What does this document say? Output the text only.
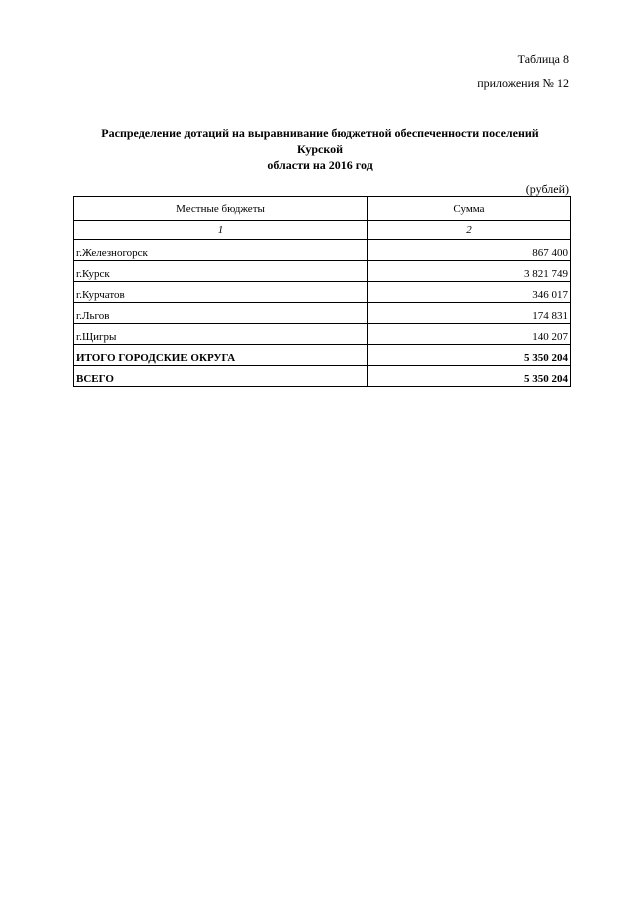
Таблица 8
приложения № 12
Распределение дотаций на выравнивание бюджетной обеспеченности поселений Курской
области на 2016 год
(рублей)
Местные бюджеты	Сумма
1	2
г.Железногорск	867 400
г.Курск	3 821 749
г.Курчатов	346 017
г.Льгов	174 831
г.Щигры	140 207
ИТОГО ГОРОДСКИЕ ОКРУГА	5 350 204
ВСЕГО	5 350 204
